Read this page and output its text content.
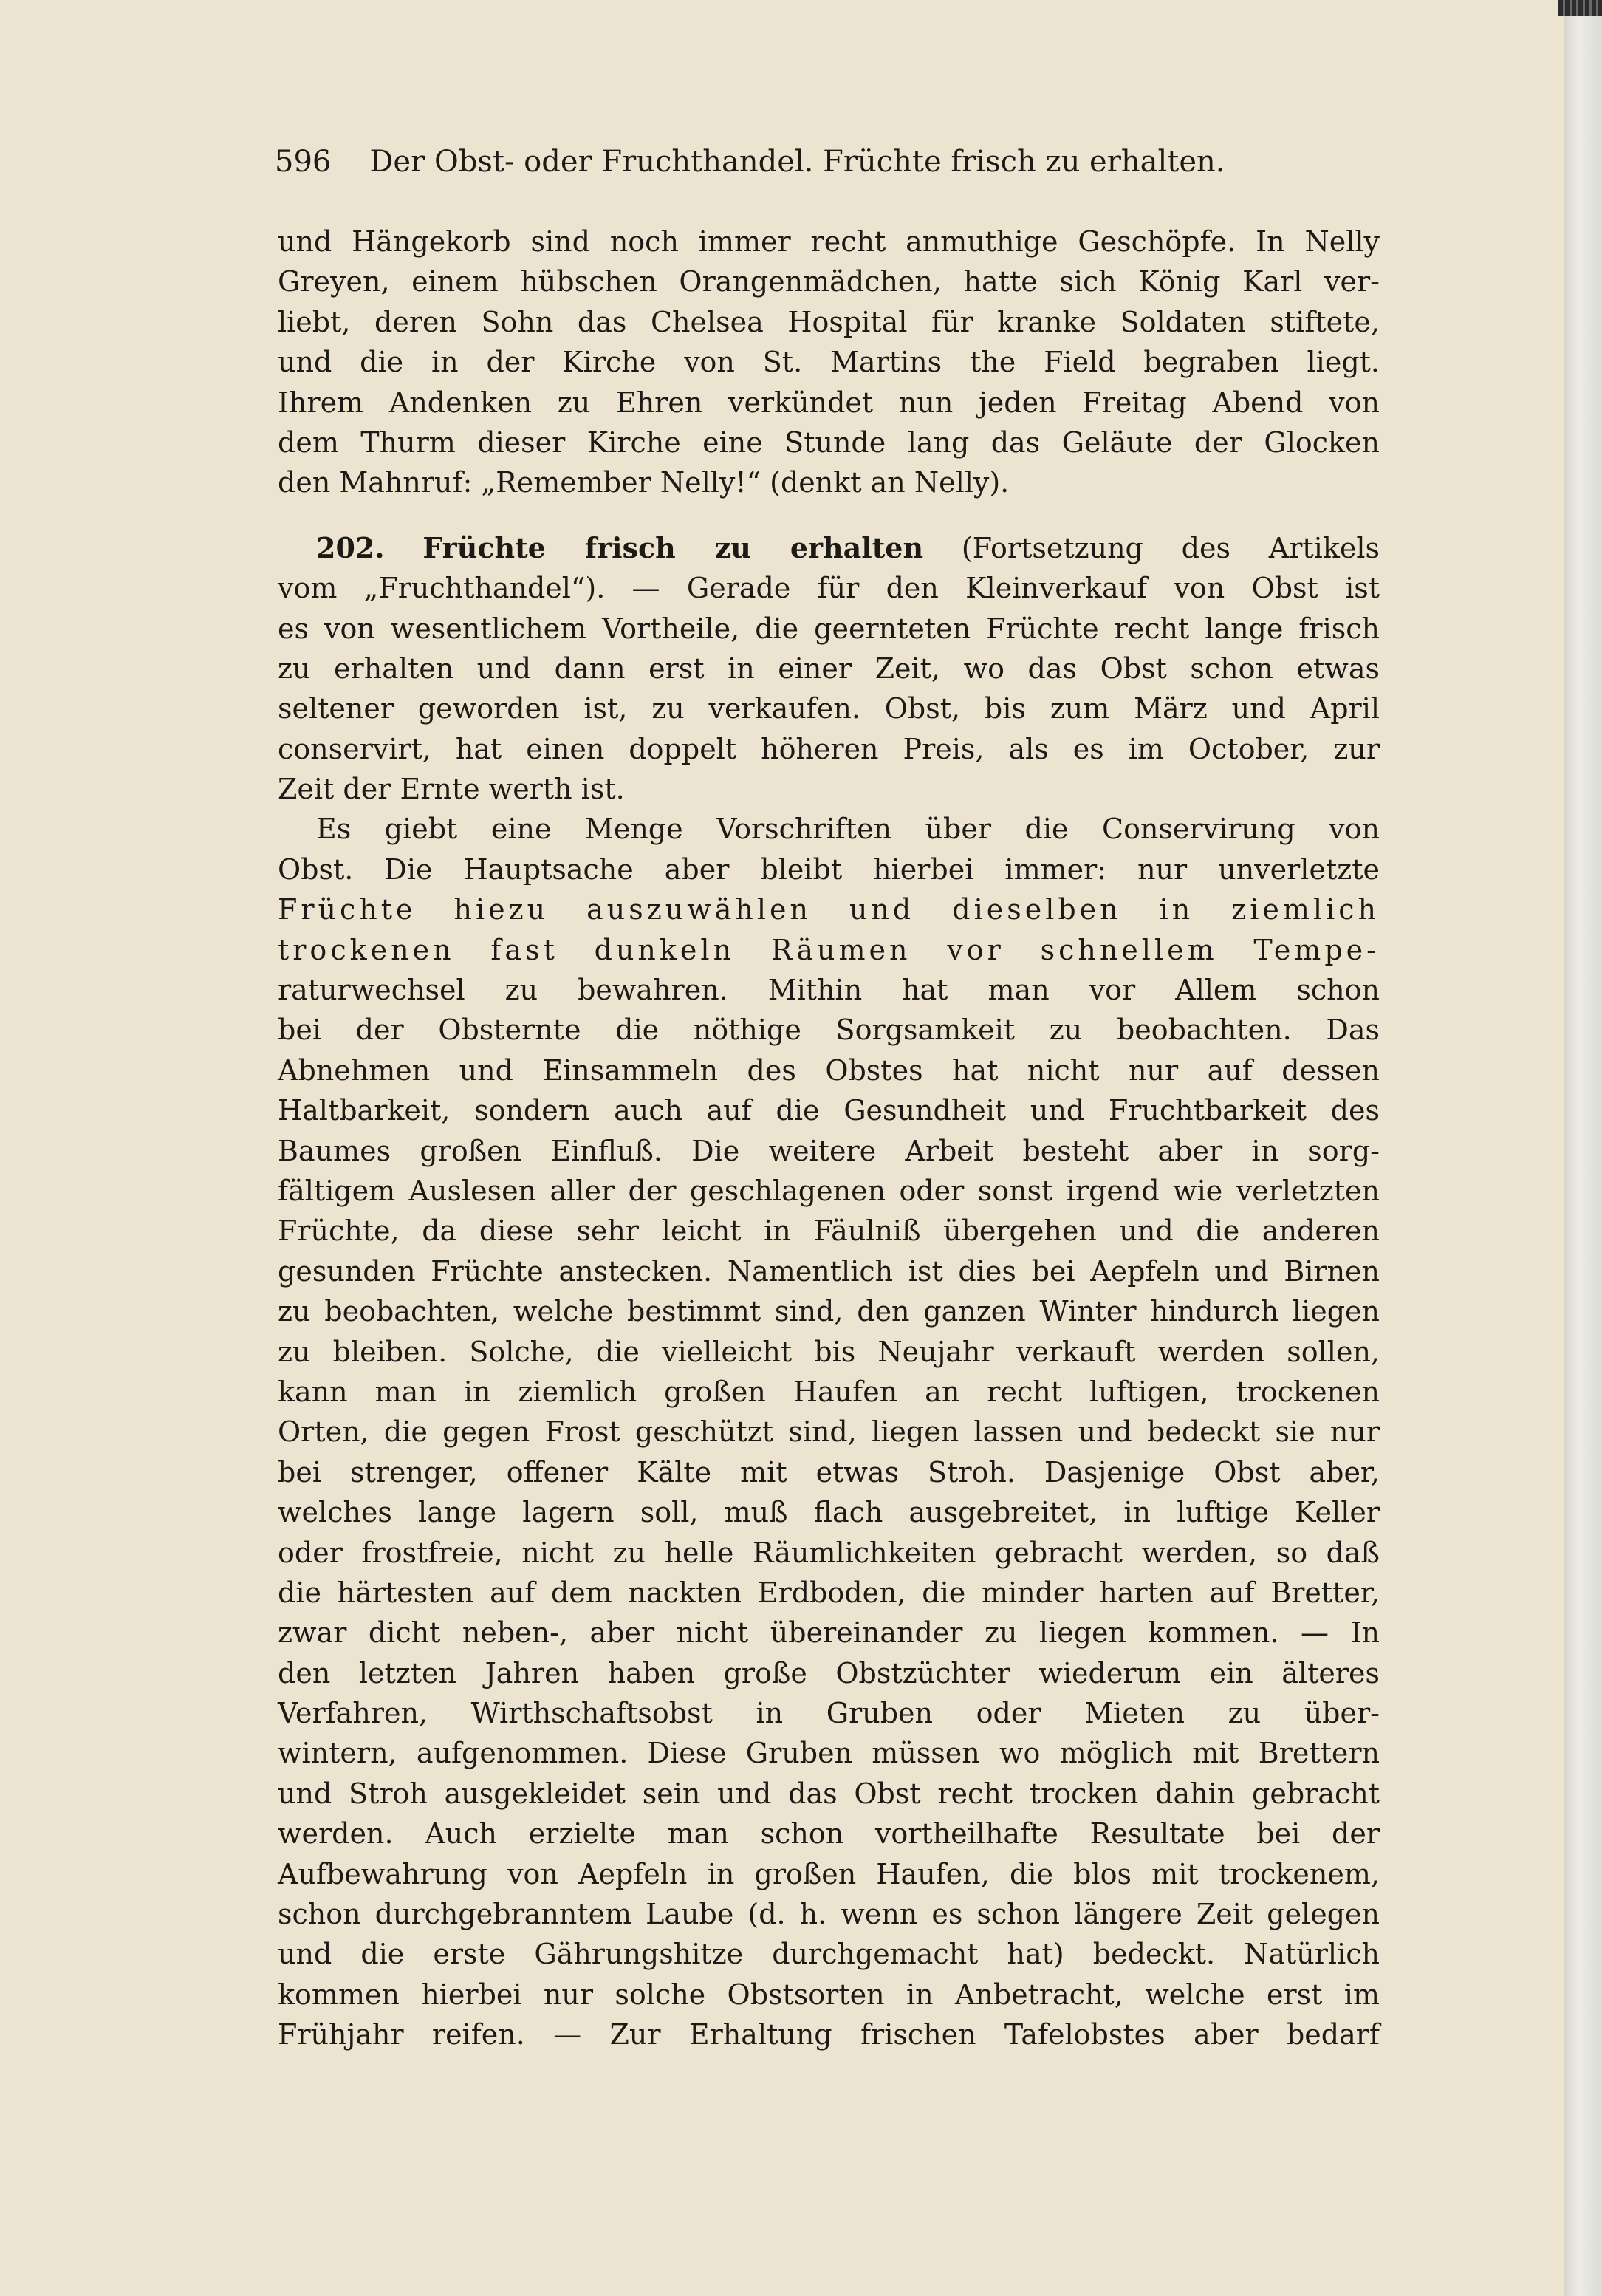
596 Der Obst- oder Fruchthandel. Früchte frisch zu erhalten.
und Hängekorb sind noch immer recht anmuthige Geschöpfe. In Nelly
Greyen, einem hübschen Orangenmädchen, hatte sich König Karl ver-
liebt, deren Sohn das Chelsea Hospital für kranke Soldaten stiftete,
und die in der Kirche von St. Martins the Field begraben liegt.
Ihrem Andenken zu Ehren verkündet nun jeden Freitag Abend von
dem Thurm dieser Kirche eine Stunde lang das Geläute der Glocken
den Mahnruf: „Remember Nelly!“ (denkt an Nelly).
202. Früchte frisch zu erhalten (Fortsetzung des Artikels
vom „Fruchthandel“). — Gerade für den Kleinverkauf von Obst ist
es von wesentlichem Vortheile, die geernteten Früchte recht lange frisch
zu erhalten und dann erst in einer Zeit, wo das Obst schon etwas
seltener geworden ist, zu verkaufen. Obst, bis zum März und April
conservirt, hat einen doppelt höheren Preis, als es im October, zur
Zeit der Ernte werth ist.
Es giebt eine Menge Vorschriften über die Conservirung von
Obst. Die Hauptsache aber bleibt hierbei immer: nur unverletzte
Früchte hiezu auszuwählen und dieselben in ziemlich
trockenen fast dunkeln Räumen vor schnellem Tempe-
raturwechsel zu bewahren. Mithin hat man vor Allem schon
bei der Obsternte die nöthige Sorgsamkeit zu beobachten. Das
Abnehmen und Einsammeln des Obstes hat nicht nur auf dessen
Haltbarkeit, sondern auch auf die Gesundheit und Fruchtbarkeit des
Baumes großen Einfluß. Die weitere Arbeit besteht aber in sorg-
fältigem Auslesen aller der geschlagenen oder sonst irgend wie verletzten
Früchte, da diese sehr leicht in Fäulniß übergehen und die anderen
gesunden Früchte anstecken. Namentlich ist dies bei Aepfeln und Birnen
zu beobachten, welche bestimmt sind, den ganzen Winter hindurch liegen
zu bleiben. Solche, die vielleicht bis Neujahr verkauft werden sollen,
kann man in ziemlich großen Haufen an recht luftigen, trockenen
Orten, die gegen Frost geschützt sind, liegen lassen und bedeckt sie nur
bei strenger, offener Kälte mit etwas Stroh. Dasjenige Obst aber,
welches lange lagern soll, muß flach ausgebreitet, in luftige Keller
oder frostfreie, nicht zu helle Räumlichkeiten gebracht werden, so daß
die härtesten auf dem nackten Erdboden, die minder harten auf Bretter,
zwar dicht neben-, aber nicht übereinander zu liegen kommen. — In
den letzten Jahren haben große Obstzüchter wiederum ein älteres
Verfahren, Wirthschaftsobst in Gruben oder Mieten zu über-
wintern, aufgenommen. Diese Gruben müssen wo möglich mit Brettern
und Stroh ausgekleidet sein und das Obst recht trocken dahin gebracht
werden. Auch erzielte man schon vortheilhafte Resultate bei der
Aufbewahrung von Aepfeln in großen Haufen, die blos mit trockenem,
schon durchgebranntem Laube (d. h. wenn es schon längere Zeit gelegen
und die erste Gährungshitze durchgemacht hat) bedeckt. Natürlich
kommen hierbei nur solche Obstsorten in Anbetracht, welche erst im
Frühjahr reifen. — Zur Erhaltung frischen Tafelobstes aber bedarf
